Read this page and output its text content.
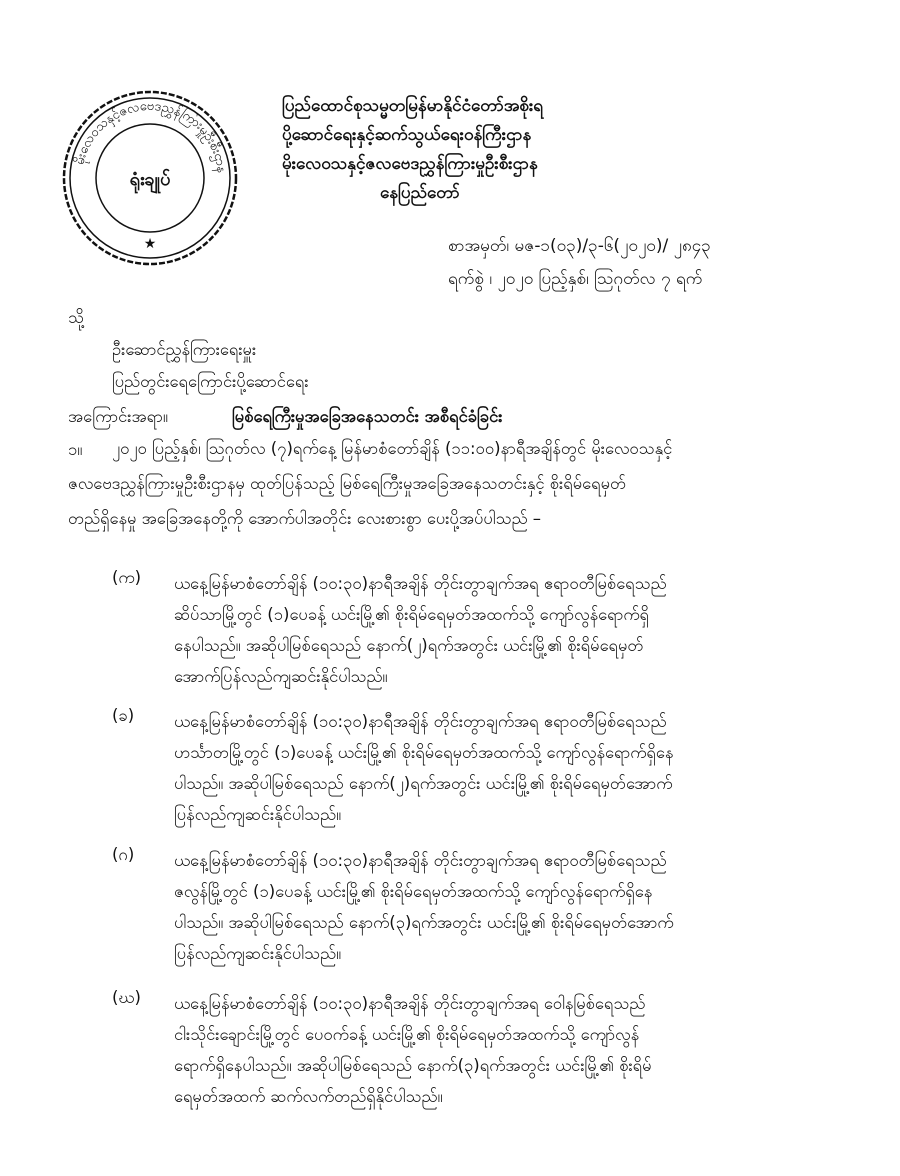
မိုးလေဝသနှင့်ဇလဗေဒညွှန်ကြားမှုဦးစီးဌာန
ရုံးချုပ်
★
ပြည်ထောင်စုသမ္မတမြန်မာနိုင်ငံတော်အစိုးရ
ပို့ဆောင်ရေးနှင့်ဆက်သွယ်ရေးဝန်ကြီးဌာန
မိုးလေဝသနှင့်ဇလဗေဒညွှန်ကြားမှုဦးစီးဌာန
နေပြည်တော်
စာအမှတ်၊ မဇ-၁(၀၃)/၃-၆(၂၀၂၀)/ ၂၈၄၃
ရက်စွဲ ၊ ၂၀၂၀ ပြည့်နှစ်၊ ဩဂုတ်လ ၇ ရက်
သို့
ဦးဆောင်ညွှန်ကြားရေးမှူး
ပြည်တွင်းရေကြောင်းပို့ဆောင်ရေး
အကြောင်းအရာ။	မြစ်ရေကြီးမှုအခြေအနေသတင်း အစီရင်ခံခြင်း
၁။ ၂၀၂၀ ပြည့်နှစ်၊ ဩဂုတ်လ (၇)ရက်နေ့ မြန်မာစံတော်ချိန် (၁၁:၀၀)နာရီအချိန်တွင် မိုးလေဝသနှင့်
ဇလဗေဒညွှန်ကြားမှုဦးစီးဌာနမှ ထုတ်ပြန်သည့် မြစ်ရေကြီးမှုအခြေအနေသတင်းနှင့် စိုးရိမ်ရေမှတ်
တည်ရှိနေမှု အခြေအနေတို့ကို အောက်ပါအတိုင်း လေးစားစွာ ပေးပို့အပ်ပါသည် –
(က)	ယနေ့မြန်မာစံတော်ချိန် (၁၀:၃၀)နာရီအချိန် တိုင်းတွာချက်အရ ဧရာဝတီမြစ်ရေသည်
ဆိပ်သာမြို့တွင် (၁)ပေခန့် ယင်းမြို့၏ စိုးရိမ်ရေမှတ်အထက်သို့ ကျော်လွန်ရောက်ရှိ
နေပါသည်။ အဆိုပါမြစ်ရေသည် နောက်(၂)ရက်အတွင်း ယင်းမြို့၏ စိုးရိမ်ရေမှတ်
အောက်ပြန်လည်ကျဆင်းနိုင်ပါသည်။
(ခ)	ယနေ့မြန်မာစံတော်ချိန် (၁၀:၃၀)နာရီအချိန် တိုင်းတွာချက်အရ ဧရာဝတီမြစ်ရေသည်
ဟင်္သာတမြို့တွင် (၁)ပေခန့် ယင်းမြို့၏ စိုးရိမ်ရေမှတ်အထက်သို့ ကျော်လွန်ရောက်ရှိနေ
ပါသည်။ အဆိုပါမြစ်ရေသည် နောက်(၂)ရက်အတွင်း ယင်းမြို့၏ စိုးရိမ်ရေမှတ်အောက်
ပြန်လည်ကျဆင်းနိုင်ပါသည်။
(ဂ)	ယနေ့မြန်မာစံတော်ချိန် (၁၀:၃၀)နာရီအချိန် တိုင်းတွာချက်အရ ဧရာဝတီမြစ်ရေသည်
ဇလွန်မြို့တွင် (၁)ပေခန့် ယင်းမြို့၏ စိုးရိမ်ရေမှတ်အထက်သို့ ကျော်လွန်ရောက်ရှိနေ
ပါသည်။ အဆိုပါမြစ်ရေသည် နောက်(၃)ရက်အတွင်း ယင်းမြို့၏ စိုးရိမ်ရေမှတ်အောက်
ပြန်လည်ကျဆင်းနိုင်ပါသည်။
(ဃ)	ယနေ့မြန်မာစံတော်ချိန် (၁၀:၃၀)နာရီအချိန် တိုင်းတွာချက်အရ ဝေါနမြစ်ရေသည်
ငါးသိုင်းချောင်းမြို့တွင် ပေ၀က်ခန့် ယင်းမြို့၏ စိုးရိမ်ရေမှတ်အထက်သို့ ကျော်လွန်
ရောက်ရှိနေပါသည်။ အဆိုပါမြစ်ရေသည် နောက်(၃)ရက်အတွင်း ယင်းမြို့၏ စိုးရိမ်
ရေမှတ်အထက် ဆက်လက်တည်ရှိနိုင်ပါသည်။
